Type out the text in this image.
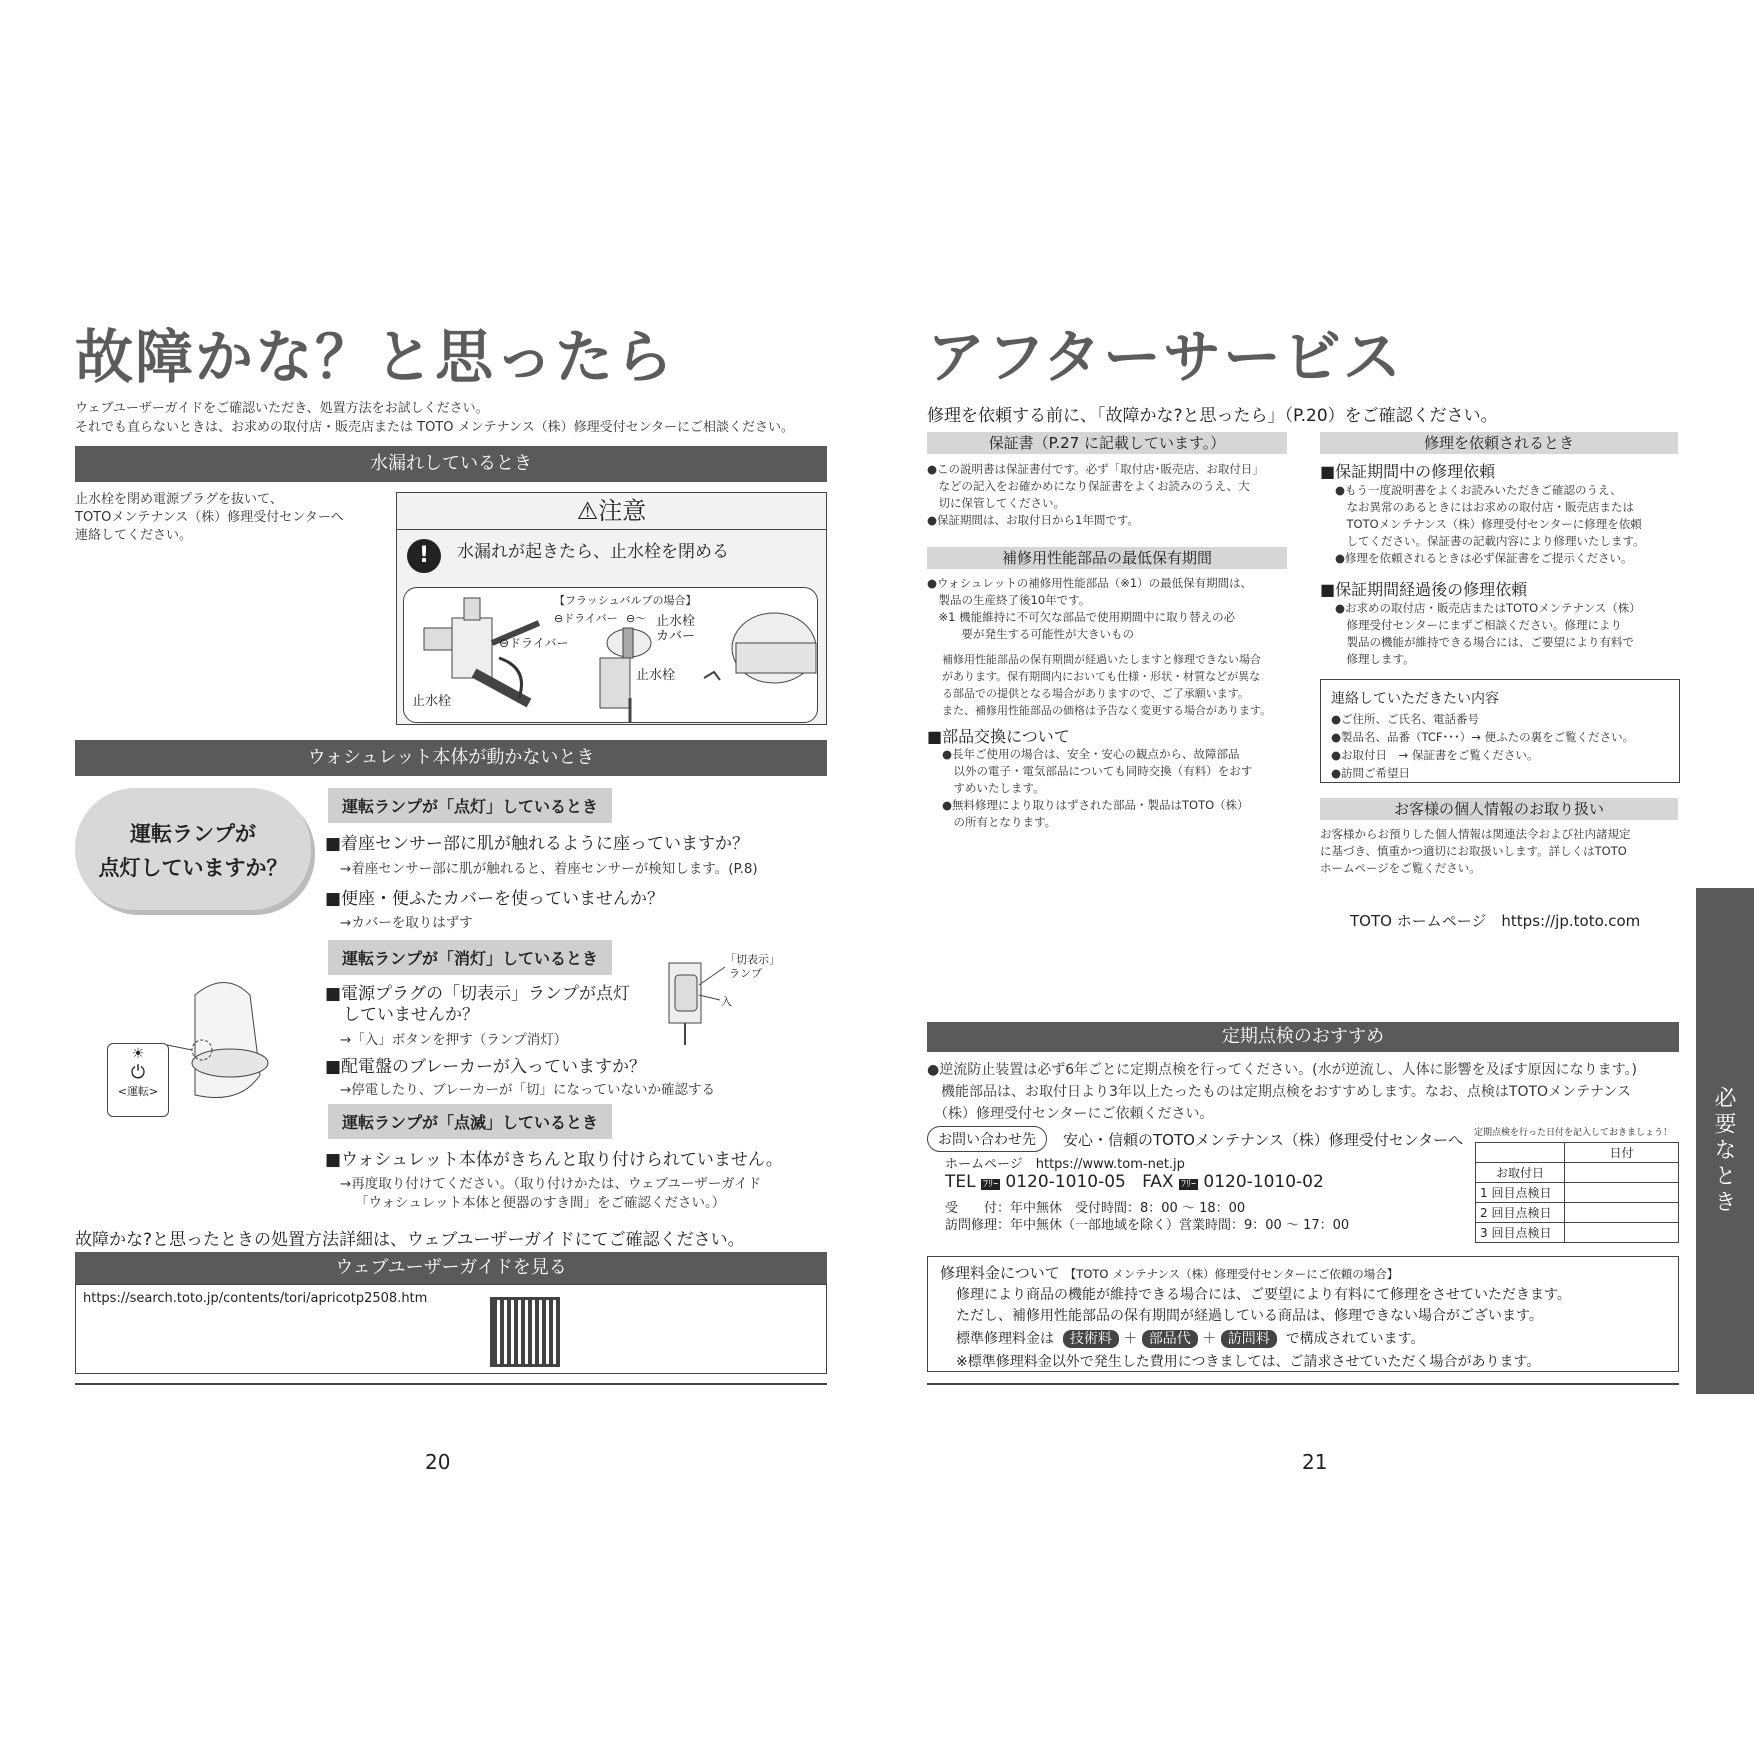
故障かな？と思ったら
ウェブユーザーガイドをご確認いただき、処置方法をお試しください。
それでも直らないときは、お求めの取付店・販売店または TOTO メンテナンス（株）修理受付センターにご相談ください。
水漏れしているとき
止水栓を閉め電源プラグを抜いて、
TOTOメンテナンス（株）修理受付センターへ
連絡してください。
⚠注意
!	水漏れが起きたら、止水栓を閉める
【フラッシュバルブの場合】
⊖ドライバー ⊖〜 止水栓
カバー
⊖ドライバー
止水栓
止水栓
ウォシュレット本体が動かないとき
運転ランプが
点灯していますか？
運転ランプが「点灯」しているとき
■着座センサー部に肌が触れるように座っていますか？
→着座センサー部に肌が触れると、着座センサーが検知します。(P.8)
■便座・便ふたカバーを使っていませんか？
→カバーを取りはずす
運転ランプが「消灯」しているとき
■電源プラグの「切表示」ランプが点灯
していませんか？
→「入」ボタンを押す（ランプ消灯）
■配電盤のブレーカーが入っていますか？
→停電したり、ブレーカーが「切」になっていないか確認する
「切表示」
ランプ
入
運転ランプが「点滅」しているとき
■ウォシュレット本体がきちんと取り付けられていません。
→再度取り付けてください。（取り付けかたは、ウェブユーザーガイド
「ウォシュレット本体と便器のすき間」をご確認ください。）
☀
⏻
<運転>
故障かな?と思ったときの処置方法詳細は、ウェブユーザーガイドにてご確認ください。
ウェブユーザーガイドを見る
https://search.toto.jp/contents/tori/apricotp2508.htm
20
アフターサービス
修理を依頼する前に、「故障かな?と思ったら」（P.20）をご確認ください。
保証書（P.27 に記載しています。）
●この説明書は保証書付です。必ず「取付店･販売店、お取付日」
　などの記入をお確かめになり保証書をよくお読みのうえ、大
　切に保管してください。
●保証期間は、お取付日から1年間です。
補修用性能部品の最低保有期間
●ウォシュレットの補修用性能部品（※1）の最低保有期間は、
　製品の生産終了後10年です。
　※1 機能維持に不可欠な部品で使用期間中に取り替えの必
　　　要が発生する可能性が大きいもの
補修用性能部品の保有期間が経過いたしますと修理できない場合
があります。保有期間内においても仕様・形状・材質などが異な
る部品での提供となる場合がありますので、ご了承願います。
また、補修用性能部品の価格は予告なく変更する場合があります。
■部品交換について
●長年ご使用の場合は、安全・安心の観点から、故障部品
　以外の電子・電気部品についても同時交換（有料）をおす
　すめいたします。
●無料修理により取りはずされた部品・製品はTOTO（株）
　の所有となります。
修理を依頼されるとき
■保証期間中の修理依頼
●もう一度説明書をよくお読みいただきご確認のうえ、
　なお異常のあるときにはお求めの取付店・販売店または
　TOTOメンテナンス（株）修理受付センターに修理を依頼
　してください。保証書の記載内容により修理いたします。
●修理を依頼されるときは必ず保証書をご提示ください。
■保証期間経過後の修理依頼
●お求めの取付店・販売店またはTOTOメンテナンス（株）
　修理受付センターにまずご相談ください。修理により
　製品の機能が維持できる場合には、ご要望により有料で
　修理します。
連絡していただきたい内容
●ご住所、ご氏名、電話番号
●製品名、品番（TCF･･･）→ 便ふたの裏をご覧ください。
●お取付日　→ 保証書をご覧ください。
●訪問ご希望日
お客様の個人情報のお取り扱い
お客様からお預りした個人情報は関連法令および社内諸規定
に基づき、慎重かつ適切にお取扱いします。詳しくはTOTO
ホームページをご覧ください。
TOTO ホームページ　https://jp.toto.com
定期点検のおすすめ
●逆流防止装置は必ず6年ごとに定期点検を行ってください。(水が逆流し、人体に影響を及ぼす原因になります。)
　機能部品は、お取付日より3年以上たったものは定期点検をおすすめします。なお、点検はTOTOメンテナンス
　（株）修理受付センターにご依頼ください。
お問い合わせ先	安心・信頼のTOTOメンテナンス（株）修理受付センターへ
ホームページ　https://www.tom-net.jp
TEL ﾌﾘｰ 0120-1010-05 FAX ﾌﾘｰ 0120-1010-02
受　　付：年中無休　受付時間：8：00 ～ 18：00
訪問修理：年中無休（一部地域を除く）営業時間：9：00 ～ 17：00
定期点検を行った日付を記入しておきましょう！
	日付
お取付日	
1 回目点検日	
2 回目点検日	
3 回目点検日	
修理料金について 【TOTO メンテナンス（株）修理受付センターにご依頼の場合】
修理により商品の機能が維持できる場合には、ご要望により有料にて修理をさせていただきます。
ただし、補修用性能部品の保有期間が経過している商品は、修理できない場合がございます。
標準修理料金は 技術料 ＋ 部品代 ＋ 訪問料 で構成されています。
※標準修理料金以外で発生した費用につきましては、ご請求させていただく場合があります。
21
必要なとき
